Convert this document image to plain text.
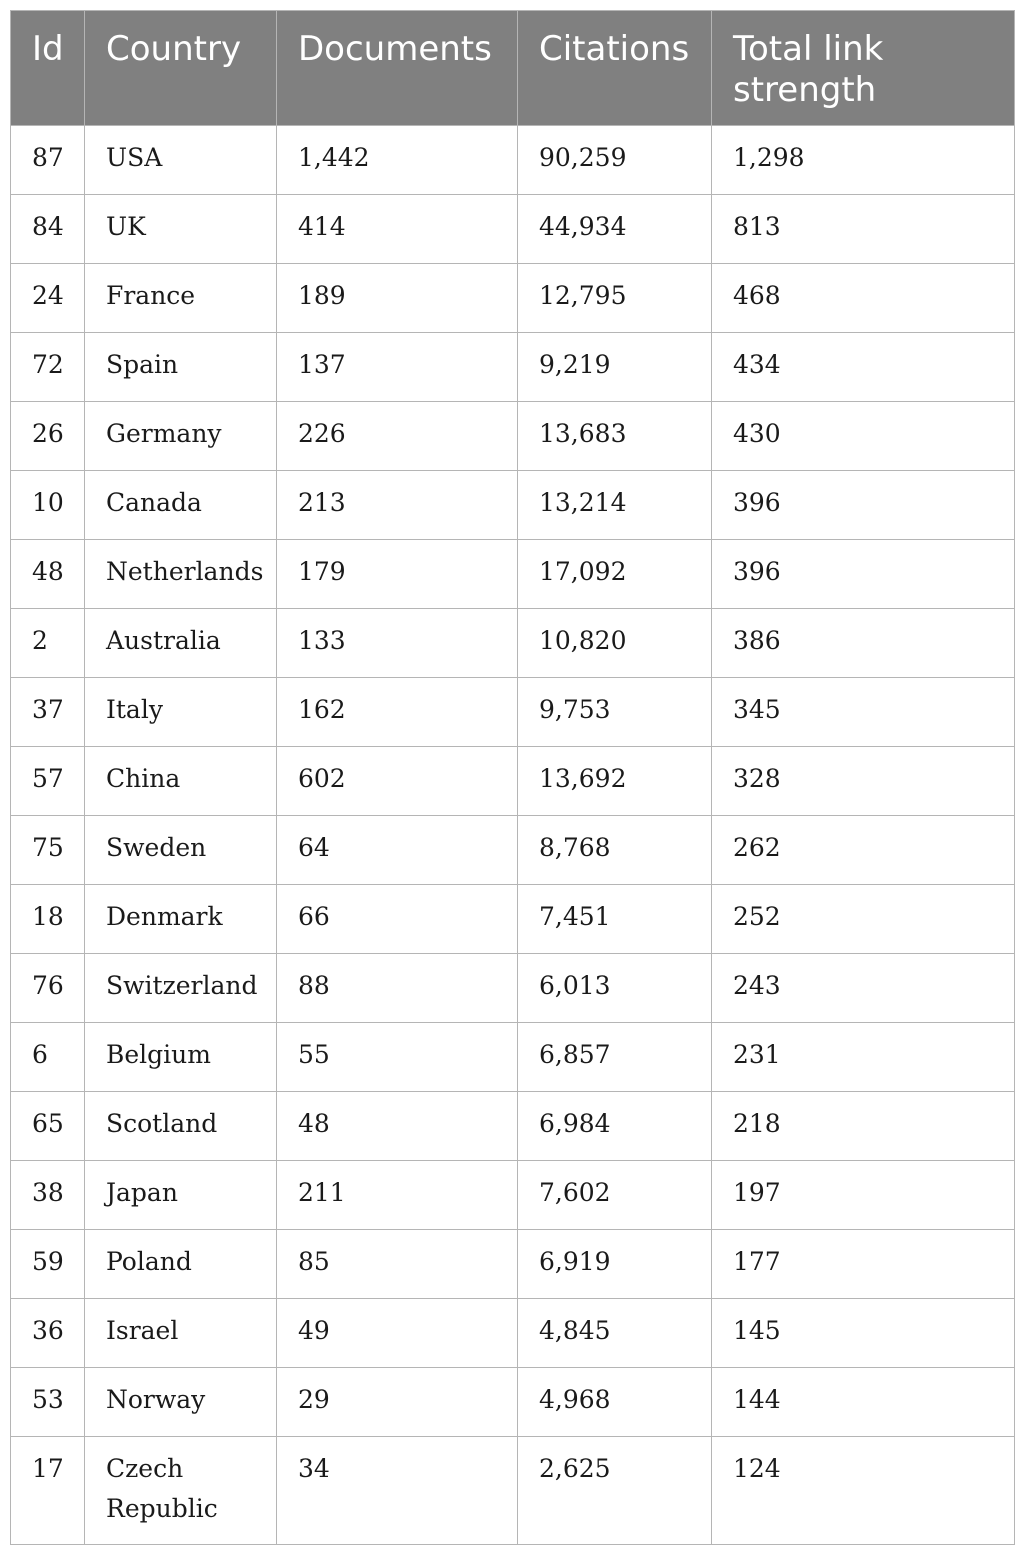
Id	Country	Documents	Citations	Total link strength
87	USA	1,442	90,259	1,298
84	UK	414	44,934	813
24	France	189	12,795	468
72	Spain	137	9,219	434
26	Germany	226	13,683	430
10	Canada	213	13,214	396
48	Netherlands	179	17,092	396
2	Australia	133	10,820	386
37	Italy	162	9,753	345
57	China	602	13,692	328
75	Sweden	64	8,768	262
18	Denmark	66	7,451	252
76	Switzerland	88	6,013	243
6	Belgium	55	6,857	231
65	Scotland	48	6,984	218
38	Japan	211	7,602	197
59	Poland	85	6,919	177
36	Israel	49	4,845	145
53	Norway	29	4,968	144
17	Czech Republic	34	2,625	124
